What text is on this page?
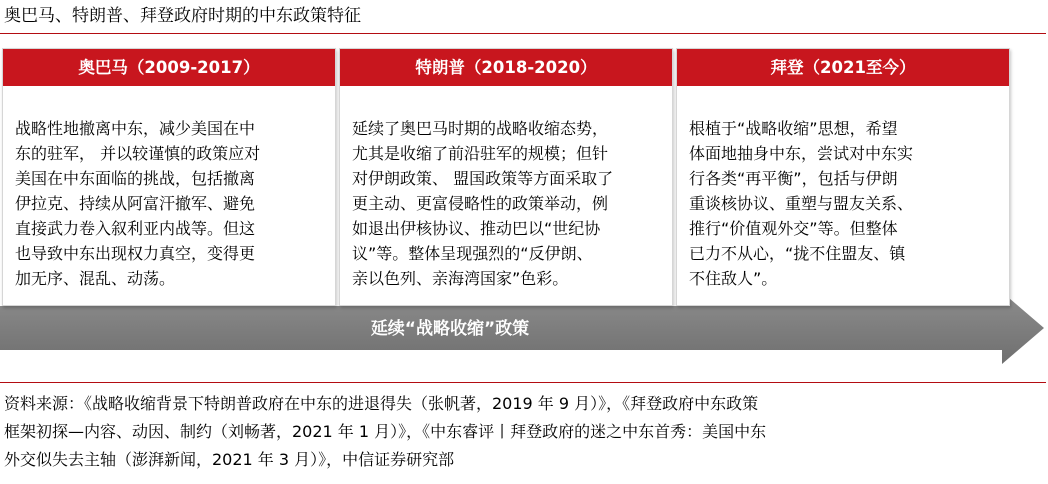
奥巴马、特朗普、拜登政府时期的中东政策特征
延续“战略收缩”政策
奥巴马（2009-2017）
战略性地撤离中东，减少美国在中
东的驻军， 并以较谨慎的政策应对
美国在中东面临的挑战，包括撤离
伊拉克、持续从阿富汗撤军、避免
直接武力卷入叙利亚内战等。但这
也导致中东出现权力真空，变得更
加无序、混乱、动荡。
特朗普（2018-2020）
延续了奥巴马时期的战略收缩态势，
尤其是收缩了前沿驻军的规模；但针
对伊朗政策、 盟国政策等方面采取了
更主动、更富侵略性的政策举动，例
如退出伊核协议、推动巴以“世纪协
议”等。整体呈现强烈的“反伊朗、
亲以色列、亲海湾国家”色彩。
拜登（2021至今）
根植于“战略收缩”思想，希望
体面地抽身中东，尝试对中东实
行各类“再平衡”，包括与伊朗
重谈核协议、重塑与盟友关系、
推行“价值观外交”等。但整体
已力不从心，“拢不住盟友、镇
不住敌人”。
资料来源：《战略收缩背景下特朗普政府在中东的进退得失（张帆著，2019 年 9 月）》，《拜登政府中东政策
框架初探—内容、动因、制约（刘畅著，2021 年 1 月）》，《中东睿评丨拜登政府的迷之中东首秀：美国中东
外交似失去主轴（澎湃新闻，2021 年 3 月）》，中信证券研究部
